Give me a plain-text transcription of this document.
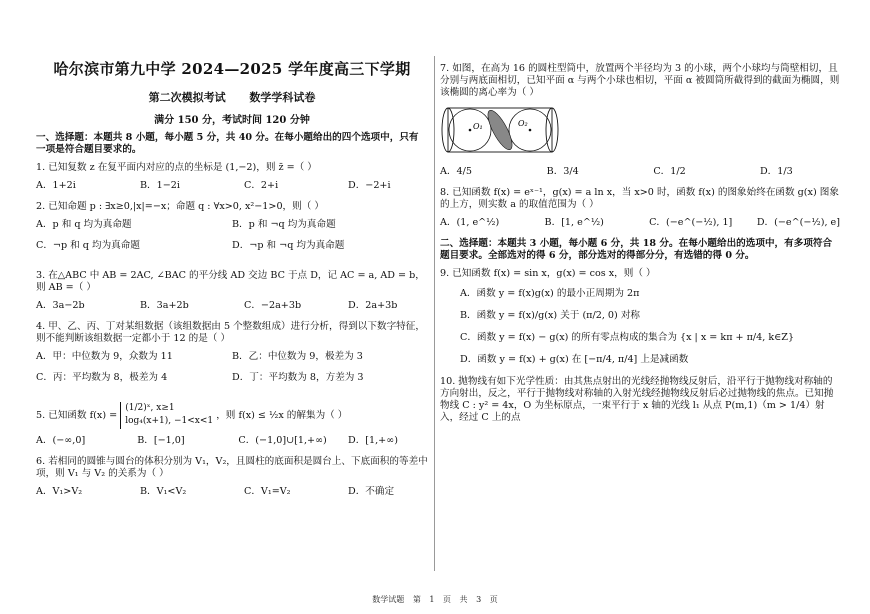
哈尔滨市第九中学 2024—2025 学年度高三下学期
第二次模拟考试 数学学科试卷
满分 150 分，考试时间 120 分钟
一、选择题：本题共 8 小题，每小题 5 分，共 40 分。在每小题给出的四个选项中，只有一项是符合题目要求的。
1. 已知复数 z 在复平面内对应的点的坐标是 (1,−2)，则 z̄ =（ ）
A．1+2i	B．1−2i	C．2+i	D．−2+i
2. 已知命题 p : ∃x≥0,|x|=−x；命题 q : ∀x>0, x²−1>0，则（ ）
A．p 和 q 均为真命题	B．p 和 ¬q 均为真命题
C．¬p 和 q 均为真命题	D．¬p 和 ¬q 均为真命题
3. 在△ABC 中 AB = 2AC, ∠BAC 的平分线 AD 交边 BC 于点 D，记 AC = a, AD = b，则 AB =（ ）
A．3a−2b	B．3a+2b	C．−2a+3b	D．2a+3b
4. 甲、乙、丙、丁对某组数据（该组数据由 5 个整数组成）进行分析，得到以下数字特征，则不能判断该组数据一定都小于 12 的是（ ）
A．甲：中位数为 9，众数为 11	B．乙：中位数为 9，极差为 3
C．丙：平均数为 8，极差为 4	D．丁：平均数为 8，方差为 3
5. 已知函数 f(x) = (1/2)ˣ, x≥1
log₄(x+1), −1<x<1 ，则 f(x) ≤ ½x 的解集为（ ）
A．(−∞,0]	B．[−1,0]	C．(−1,0]∪[1,+∞) D．[1,+∞)
6. 若相同的圆锥与圆台的体积分别为 V₁，V₂，且圆柱的底面积是圆台上、下底面积的等差中项，则 V₁ 与 V₂ 的关系为（ ）
A．V₁>V₂	B．V₁<V₂	C．V₁=V₂	D．不确定
7. 如图，在高为 16 的圆柱型筒中，放置两个半径均为 3 的小球，两个小球均与筒壁相切，且分别与两底面相切，已知平面 α 与两个小球也相切，平面 α 被圆筒所截得到的截面为椭圆，则该椭圆的离心率为（ ）
O₁	O₂
A．4/5	B．3/4	C．1/2	D．1/3
8. 已知函数 f(x) = eˣ⁻¹，g(x) = a ln x，当 x>0 时，函数 f(x) 的图象始终在函数 g(x) 图象的上方，则实数 a 的取值范围为（ ）
A．(1, e^½)	B．[1, e^½)	C．(−e^(−½), 1]	D．(−e^(−½), e]
二、选择题：本题共 3 小题，每小题 6 分，共 18 分。在每小题给出的选项中，有多项符合题目要求。全部选对的得 6 分，部分选对的得部分分，有选错的得 0 分。
9. 已知函数 f(x) = sin x，g(x) = cos x，则（ ）
A．函数 y = f(x)g(x) 的最小正周期为 2π
B．函数 y = f(x)/g(x) 关于 (π/2, 0) 对称
C．函数 y = f(x) − g(x) 的所有零点构成的集合为 {x | x = kπ + π/4, k∈Z}
D．函数 y = f(x) + g(x) 在 [−π/4, π/4] 上是减函数
10. 抛物线有如下光学性质：由其焦点射出的光线经抛物线反射后，沿平行于抛物线对称轴的方向射出，反之，平行于抛物线对称轴的入射光线经抛物线反射后必过抛物线的焦点。已知抛物线 C : y² = 4x，O 为坐标原点，一束平行于 x 轴的光线 l₁ 从点 P(m,1)（m > 1/4）射入，经过 C 上的点
数学试题 第 1 页 共 3 页
